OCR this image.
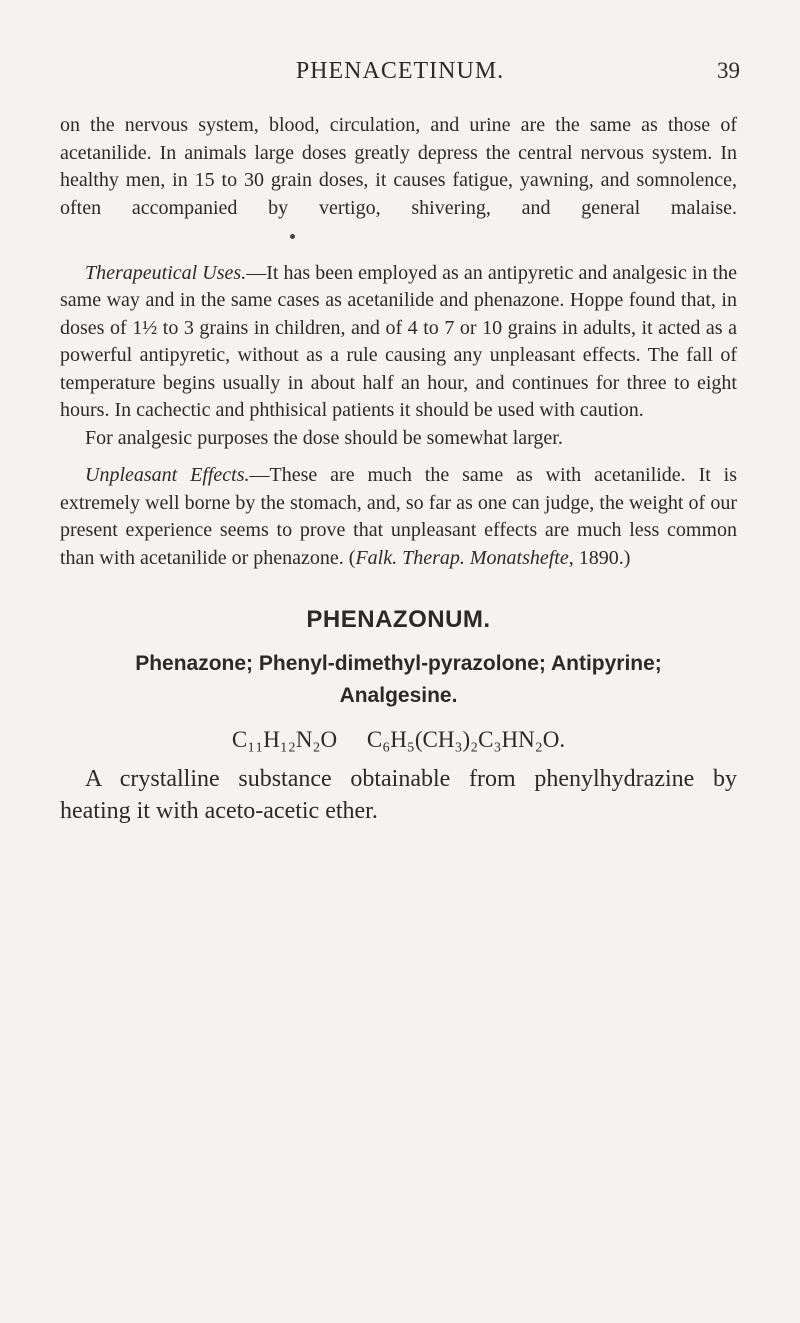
PHENACETINUM.	39

on the nervous system, blood, circulation, and urine are the same as those of acetanilide. In animals large doses greatly depress the central nervous system. In healthy men, in 15 to 30 grain doses, it causes fatigue, yawning, and somnolence, often accompanied by vertigo, shivering, and general malaise.

Therapeutical Uses.—It has been employed as an antipyretic and analgesic in the same way and in the same cases as acetanilide and phenazone. Hoppe found that, in doses of 1½ to 3 grains in children, and of 4 to 7 or 10 grains in adults, it acted as a powerful antipyretic, without as a rule causing any unpleasant effects. The fall of temperature begins usually in about half an hour, and continues for three to eight hours. In cachectic and phthisical patients it should be used with caution.

For analgesic purposes the dose should be somewhat larger.

Unpleasant Effects.—These are much the same as with acetanilide. It is extremely well borne by the stomach, and, so far as one can judge, the weight of our present experience seems to prove that unpleasant effects are much less common than with acetanilide or phenazone. (Falk. Therap. Monatshefte, 1890.)

PHENAZONUM.
Phenazone; Phenyl-dimethyl-pyrazolone; Antipyrine; Analgesine.
C₁₁H₁₂N₂O C₆H₅(CH₃)₂C₃HN₂O.

A crystalline substance obtainable from phenylhydrazine by heating it with aceto-acetic ether.
